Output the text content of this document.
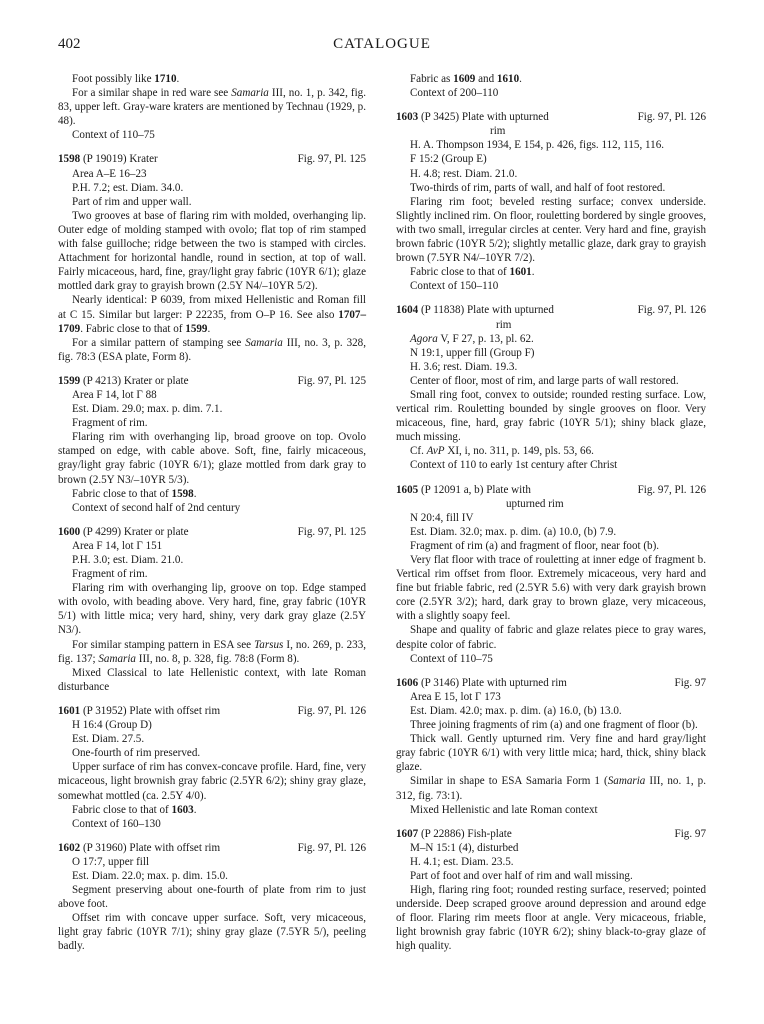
402	CATALOGUE

Foot possibly like 1710.

For a similar shape in red ware see Samaria III, no. 1, p. 342, fig. 83, upper left. Gray-ware kraters are mentioned by Technau (1929, p. 48).

Context of 110–75

1598 (P 19019) Krater	Fig. 97, Pl. 125

Area A–E 16–23

P.H. 7.2; est. Diam. 34.0.

Part of rim and upper wall.

Two grooves at base of flaring rim with molded, overhanging lip. Outer edge of molding stamped with ovolo; flat top of rim stamped with false guilloche; ridge between the two is stamped with circles. Attachment for horizontal handle, round in section, at top of wall. Fairly micaceous, hard, fine, gray/light gray fabric (10YR 6/1); glaze mottled dark gray to grayish brown (2.5Y N4/–10YR 5/2).

Nearly identical: P 6039, from mixed Hellenistic and Roman fill at C 15. Similar but larger: P 22235, from O–P 16. See also 1707–1709. Fabric close to that of 1599.

For a similar pattern of stamping see Samaria III, no. 3, p. 328, fig. 78:3 (ESA plate, Form 8).

1599 (P 4213) Krater or plate	Fig. 97, Pl. 125

Area F 14, lot Γ 88

Est. Diam. 29.0; max. p. dim. 7.1.

Fragment of rim.

Flaring rim with overhanging lip, broad groove on top. Ovolo stamped on edge, with cable above. Soft, fine, fairly micaceous, gray/light gray fabric (10YR 6/1); glaze mottled from dark gray to brown (2.5Y N3/–10YR 5/3).

Fabric close to that of 1598.

Context of second half of 2nd century

1600 (P 4299) Krater or plate	Fig. 97, Pl. 125

Area F 14, lot Γ 151

P.H. 3.0; est. Diam. 21.0.

Fragment of rim.

Flaring rim with overhanging lip, groove on top. Edge stamped with ovolo, with beading above. Very hard, fine, gray fabric (10YR 5/1) with little mica; very hard, shiny, very dark gray glaze (2.5Y N3/).

For similar stamping pattern in ESA see Tarsus I, no. 269, p. 233, fig. 137; Samaria III, no. 8, p. 328, fig. 78:8 (Form 8).

Mixed Classical to late Hellenistic context, with late Roman disturbance

1601 (P 31952) Plate with offset rim	Fig. 97, Pl. 126

H 16:4 (Group D)

Est. Diam. 27.5.

One-fourth of rim preserved.

Upper surface of rim has convex-concave profile. Hard, fine, very micaceous, light brownish gray fabric (2.5YR 6/2); shiny gray glaze, somewhat mottled (ca. 2.5Y 4/0).

Fabric close to that of 1603.

Context of 160–130

1602 (P 31960) Plate with offset rim	Fig. 97, Pl. 126

O 17:7, upper fill

Est. Diam. 22.0; max. p. dim. 15.0.

Segment preserving about one-fourth of plate from rim to just above foot.

Offset rim with concave upper surface. Soft, very micaceous, light gray fabric (10YR 7/1); shiny gray glaze (7.5YR 5/), peeling badly.

Fabric as 1609 and 1610.

Context of 200–110

1603 (P 3425) Plate with upturned
rim
Fig. 97, Pl. 126

H. A. Thompson 1934, E 154, p. 426, figs. 112, 115, 116.

F 15:2 (Group E)

H. 4.8; rest. Diam. 21.0.

Two-thirds of rim, parts of wall, and half of foot restored.

Flaring rim foot; beveled resting surface; convex underside. Slightly inclined rim. On floor, rouletting bordered by single grooves, with two small, irregular circles at center. Very hard and fine, grayish brown fabric (10YR 5/2); slightly metallic glaze, dark gray to grayish brown (7.5YR N4/–10YR 7/2).

Fabric close to that of 1601.

Context of 150–110

1604 (P 11838) Plate with upturned
rim
Fig. 97, Pl. 126

Agora V, F 27, p. 13, pl. 62.

N 19:1, upper fill (Group F)

H. 3.6; rest. Diam. 19.3.

Center of floor, most of rim, and large parts of wall restored.

Small ring foot, convex to outside; rounded resting surface. Low, vertical rim. Rouletting bounded by single grooves on floor. Very micaceous, fine, hard, gray fabric (10YR 5/1); shiny black glaze, much missing.

Cf. AvP XI, i, no. 311, p. 149, pls. 53, 66.

Context of 110 to early 1st century after Christ

1605 (P 12091 a, b) Plate with
upturned rim
Fig. 97, Pl. 126

N 20:4, fill IV

Est. Diam. 32.0; max. p. dim. (a) 10.0, (b) 7.9.

Fragment of rim (a) and fragment of floor, near foot (b).

Very flat floor with trace of rouletting at inner edge of fragment b. Vertical rim offset from floor. Extremely micaceous, very hard and fine but friable fabric, red (2.5YR 5.6) with very dark grayish brown core (2.5YR 3/2); hard, dark gray to brown glaze, very micaceous, with a slightly soapy feel.

Shape and quality of fabric and glaze relates piece to gray wares, despite color of fabric.

Context of 110–75

1606 (P 3146) Plate with upturned rim	Fig. 97

Area E 15, lot Γ 173

Est. Diam. 42.0; max. p. dim. (a) 16.0, (b) 13.0.

Three joining fragments of rim (a) and one fragment of floor (b).

Thick wall. Gently upturned rim. Very fine and hard gray/light gray fabric (10YR 6/1) with very little mica; hard, thick, shiny black glaze.

Similar in shape to ESA Samaria Form 1 (Samaria III, no. 1, p. 312, fig. 73:1).

Mixed Hellenistic and late Roman context

1607 (P 22886) Fish-plate	Fig. 97

M–N 15:1 (4), disturbed

H. 4.1; est. Diam. 23.5.

Part of foot and over half of rim and wall missing.

High, flaring ring foot; rounded resting surface, reserved; pointed underside. Deep scraped groove around depression and around edge of floor. Flaring rim meets floor at angle. Very micaceous, friable, light brownish gray fabric (10YR 6/2); shiny black-to-gray glaze of high quality.
